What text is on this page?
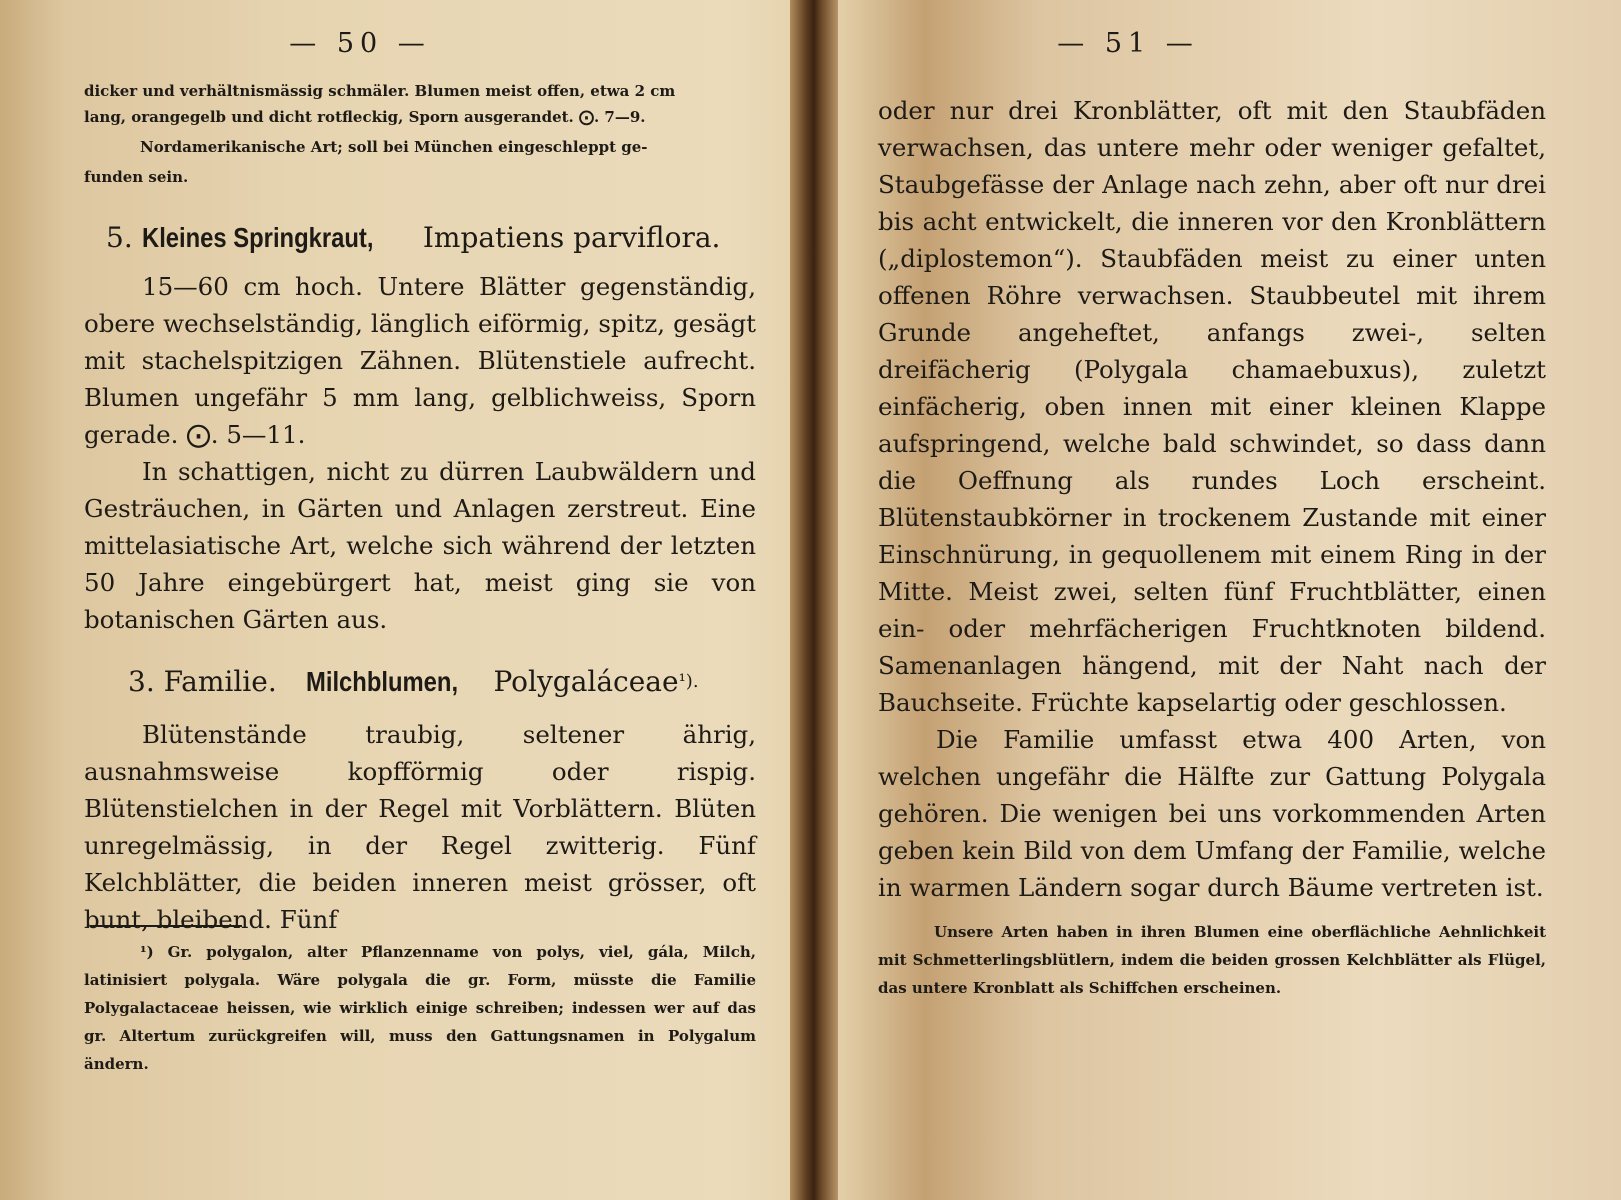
— 50 —
dicker und verhältnismässig schmäler. Blumen meist offen, etwa 2 cm
lang, orangegelb und dicht rotfleckig, Sporn ausgerandet. ⨀. 7—9.
Nordamerikanische Art; soll bei München eingeschleppt ge-
funden sein.
5. Kleines Springkraut, Impatiens parviflora.

15—60 cm hoch. Untere Blätter gegenständig, obere wechselständig, länglich eiförmig, spitz, gesägt mit stachelspitzigen Zähnen. Blütenstiele aufrecht. Blumen ungefähr 5 mm lang, gelblichweiss, Sporn gerade. ⨀. 5—11.

In schattigen, nicht zu dürren Laubwäldern und Gesträuchen, in Gärten und Anlagen zerstreut. Eine mittelasiatische Art, welche sich während der letzten 50 Jahre eingebürgert hat, meist ging sie von botanischen Gärten aus.

3. Familie. Milchblumen, Polygaláceae$^{^1).}$

Blütenstände traubig, seltener ährig, ausnahmsweise kopfförmig oder rispig. Blütenstielchen in der Regel mit Vorblättern. Blüten unregelmässig, in der Regel zwitterig. Fünf Kelchblätter, die beiden inneren meist grösser, oft bunt, bleibend. Fünf

¹) Gr. polygalon, alter Pflanzenname von polys, viel, gála, Milch, latinisiert polygala. Wäre polygala die gr. Form, müsste die Familie Polygalactaceae heissen, wie wirklich einige schreiben; indessen wer auf das gr. Altertum zurückgreifen will, muss den Gattungsnamen in Polygalum ändern.

— 51 —

oder nur drei Kronblätter, oft mit den Staubfäden verwachsen, das untere mehr oder weniger gefaltet, Staubgefässe der Anlage nach zehn, aber oft nur drei bis acht entwickelt, die inneren vor den Kronblättern („diplostemon“). Staubfäden meist zu einer unten offenen Röhre verwachsen. Staubbeutel mit ihrem Grunde angeheftet, anfangs zwei-, selten dreifächerig (Polygala chamaebuxus), zuletzt einfächerig, oben innen mit einer kleinen Klappe aufspringend, welche bald schwindet, so dass dann die Oeffnung als rundes Loch erscheint. Blütenstaubkörner in trockenem Zustande mit einer Einschnürung, in gequollenem mit einem Ring in der Mitte. Meist zwei, selten fünf Fruchtblätter, einen ein- oder mehrfächerigen Fruchtknoten bildend. Samenanlagen hängend, mit der Naht nach der Bauchseite. Früchte kapselartig oder geschlossen.

Die Familie umfasst etwa 400 Arten, von welchen ungefähr die Hälfte zur Gattung Polygala gehören. Die wenigen bei uns vorkommenden Arten geben kein Bild von dem Umfang der Familie, welche in warmen Ländern sogar durch Bäume vertreten ist.

Unsere Arten haben in ihren Blumen eine oberflächliche Aehnlichkeit mit Schmetterlingsblütlern, indem die beiden grossen Kelchblätter als Flügel, das untere Kronblatt als Schiffchen erscheinen.
